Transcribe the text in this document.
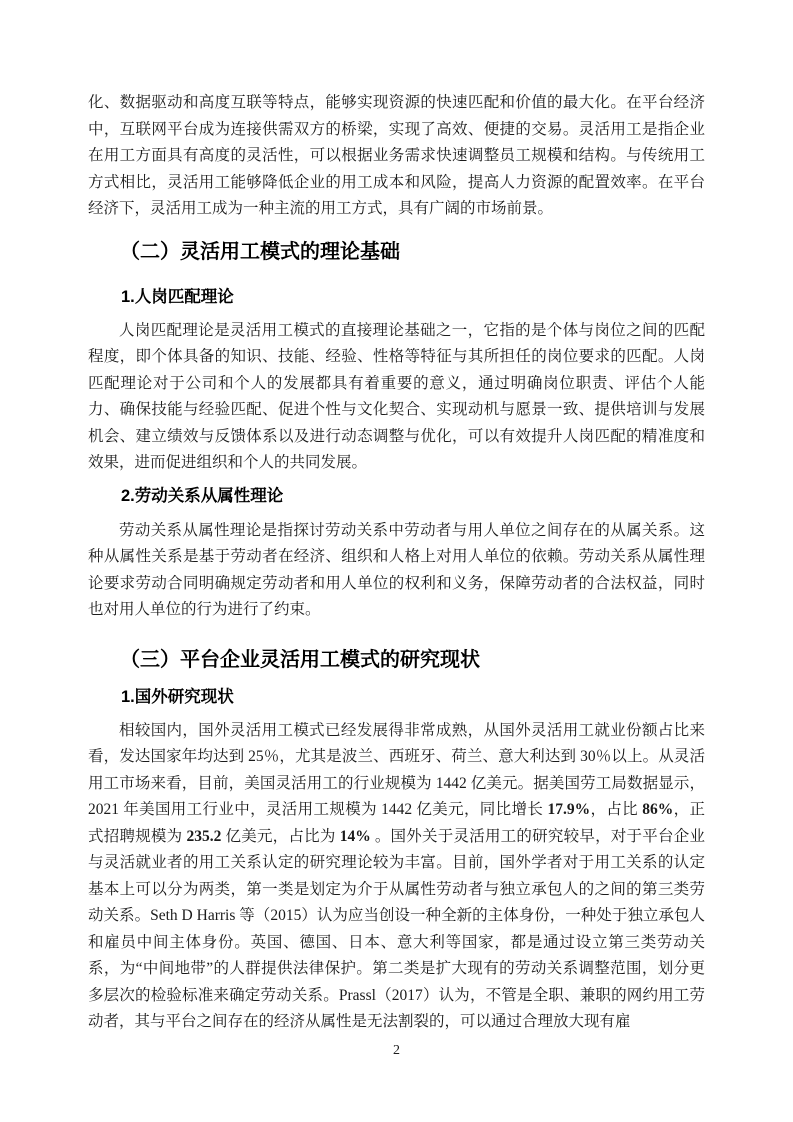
化、数据驱动和高度互联等特点，能够实现资源的快速匹配和价值的最大化。在平台经济中，互联网平台成为连接供需双方的桥梁，实现了高效、便捷的交易。灵活用工是指企业在用工方面具有高度的灵活性，可以根据业务需求快速调整员工规模和结构。与传统用工方式相比，灵活用工能够降低企业的用工成本和风险，提高人力资源的配置效率。在平台经济下，灵活用工成为一种主流的用工方式，具有广阔的市场前景。

（二）灵活用工模式的理论基础
1.人岗匹配理论

人岗匹配理论是灵活用工模式的直接理论基础之一，它指的是个体与岗位之间的匹配程度，即个体具备的知识、技能、经验、性格等特征与其所担任的岗位要求的匹配。人岗匹配理论对于公司和个人的发展都具有着重要的意义，通过明确岗位职责、评估个人能力、确保技能与经验匹配、促进个性与文化契合、实现动机与愿景一致、提供培训与发展机会、建立绩效与反馈体系以及进行动态调整与优化，可以有效提升人岗匹配的精准度和效果，进而促进组织和个人的共同发展。

2.劳动关系从属性理论

劳动关系从属性理论是指探讨劳动关系中劳动者与用人单位之间存在的从属关系。这种从属性关系是基于劳动者在经济、组织和人格上对用人单位的依赖。劳动关系从属性理论要求劳动合同明确规定劳动者和用人单位的权利和义务，保障劳动者的合法权益，同时也对用人单位的行为进行了约束。

（三）平台企业灵活用工模式的研究现状
1.国外研究现状

相较国内，国外灵活用工模式已经发展得非常成熟，从国外灵活用工就业份额占比来看，发达国家年均达到 25％，尤其是波兰、西班牙、荷兰、意大利达到 30％以上。从灵活用工市场来看，目前，美国灵活用工的行业规模为 1442 亿美元。据美国劳工局数据显示，2021 年美国用工行业中，灵活用工规模为 1442 亿美元，同比增长 17.9%，占比 86%，正式招聘规模为 235.2 亿美元，占比为 14% 。国外关于灵活用工的研究较早，对于平台企业与灵活就业者的用工关系认定的研究理论较为丰富。目前，国外学者对于用工关系的认定基本上可以分为两类，第一类是划定为介于从属性劳动者与独立承包人的之间的第三类劳动关系。Seth D Harris 等（2015）认为应当创设一种全新的主体身份，一种处于独立承包人和雇员中间主体身份。英国、德国、日本、意大利等国家，都是通过设立第三类劳动关系，为“中间地带”的人群提供法律保护。第二类是扩大现有的劳动关系调整范围，划分更多层次的检验标准来确定劳动关系。Prassl（2017）认为，不管是全职、兼职的网约用工劳动者，其与平台之间存在的经济从属性是无法割裂的，可以通过合理放大现有雇

2
